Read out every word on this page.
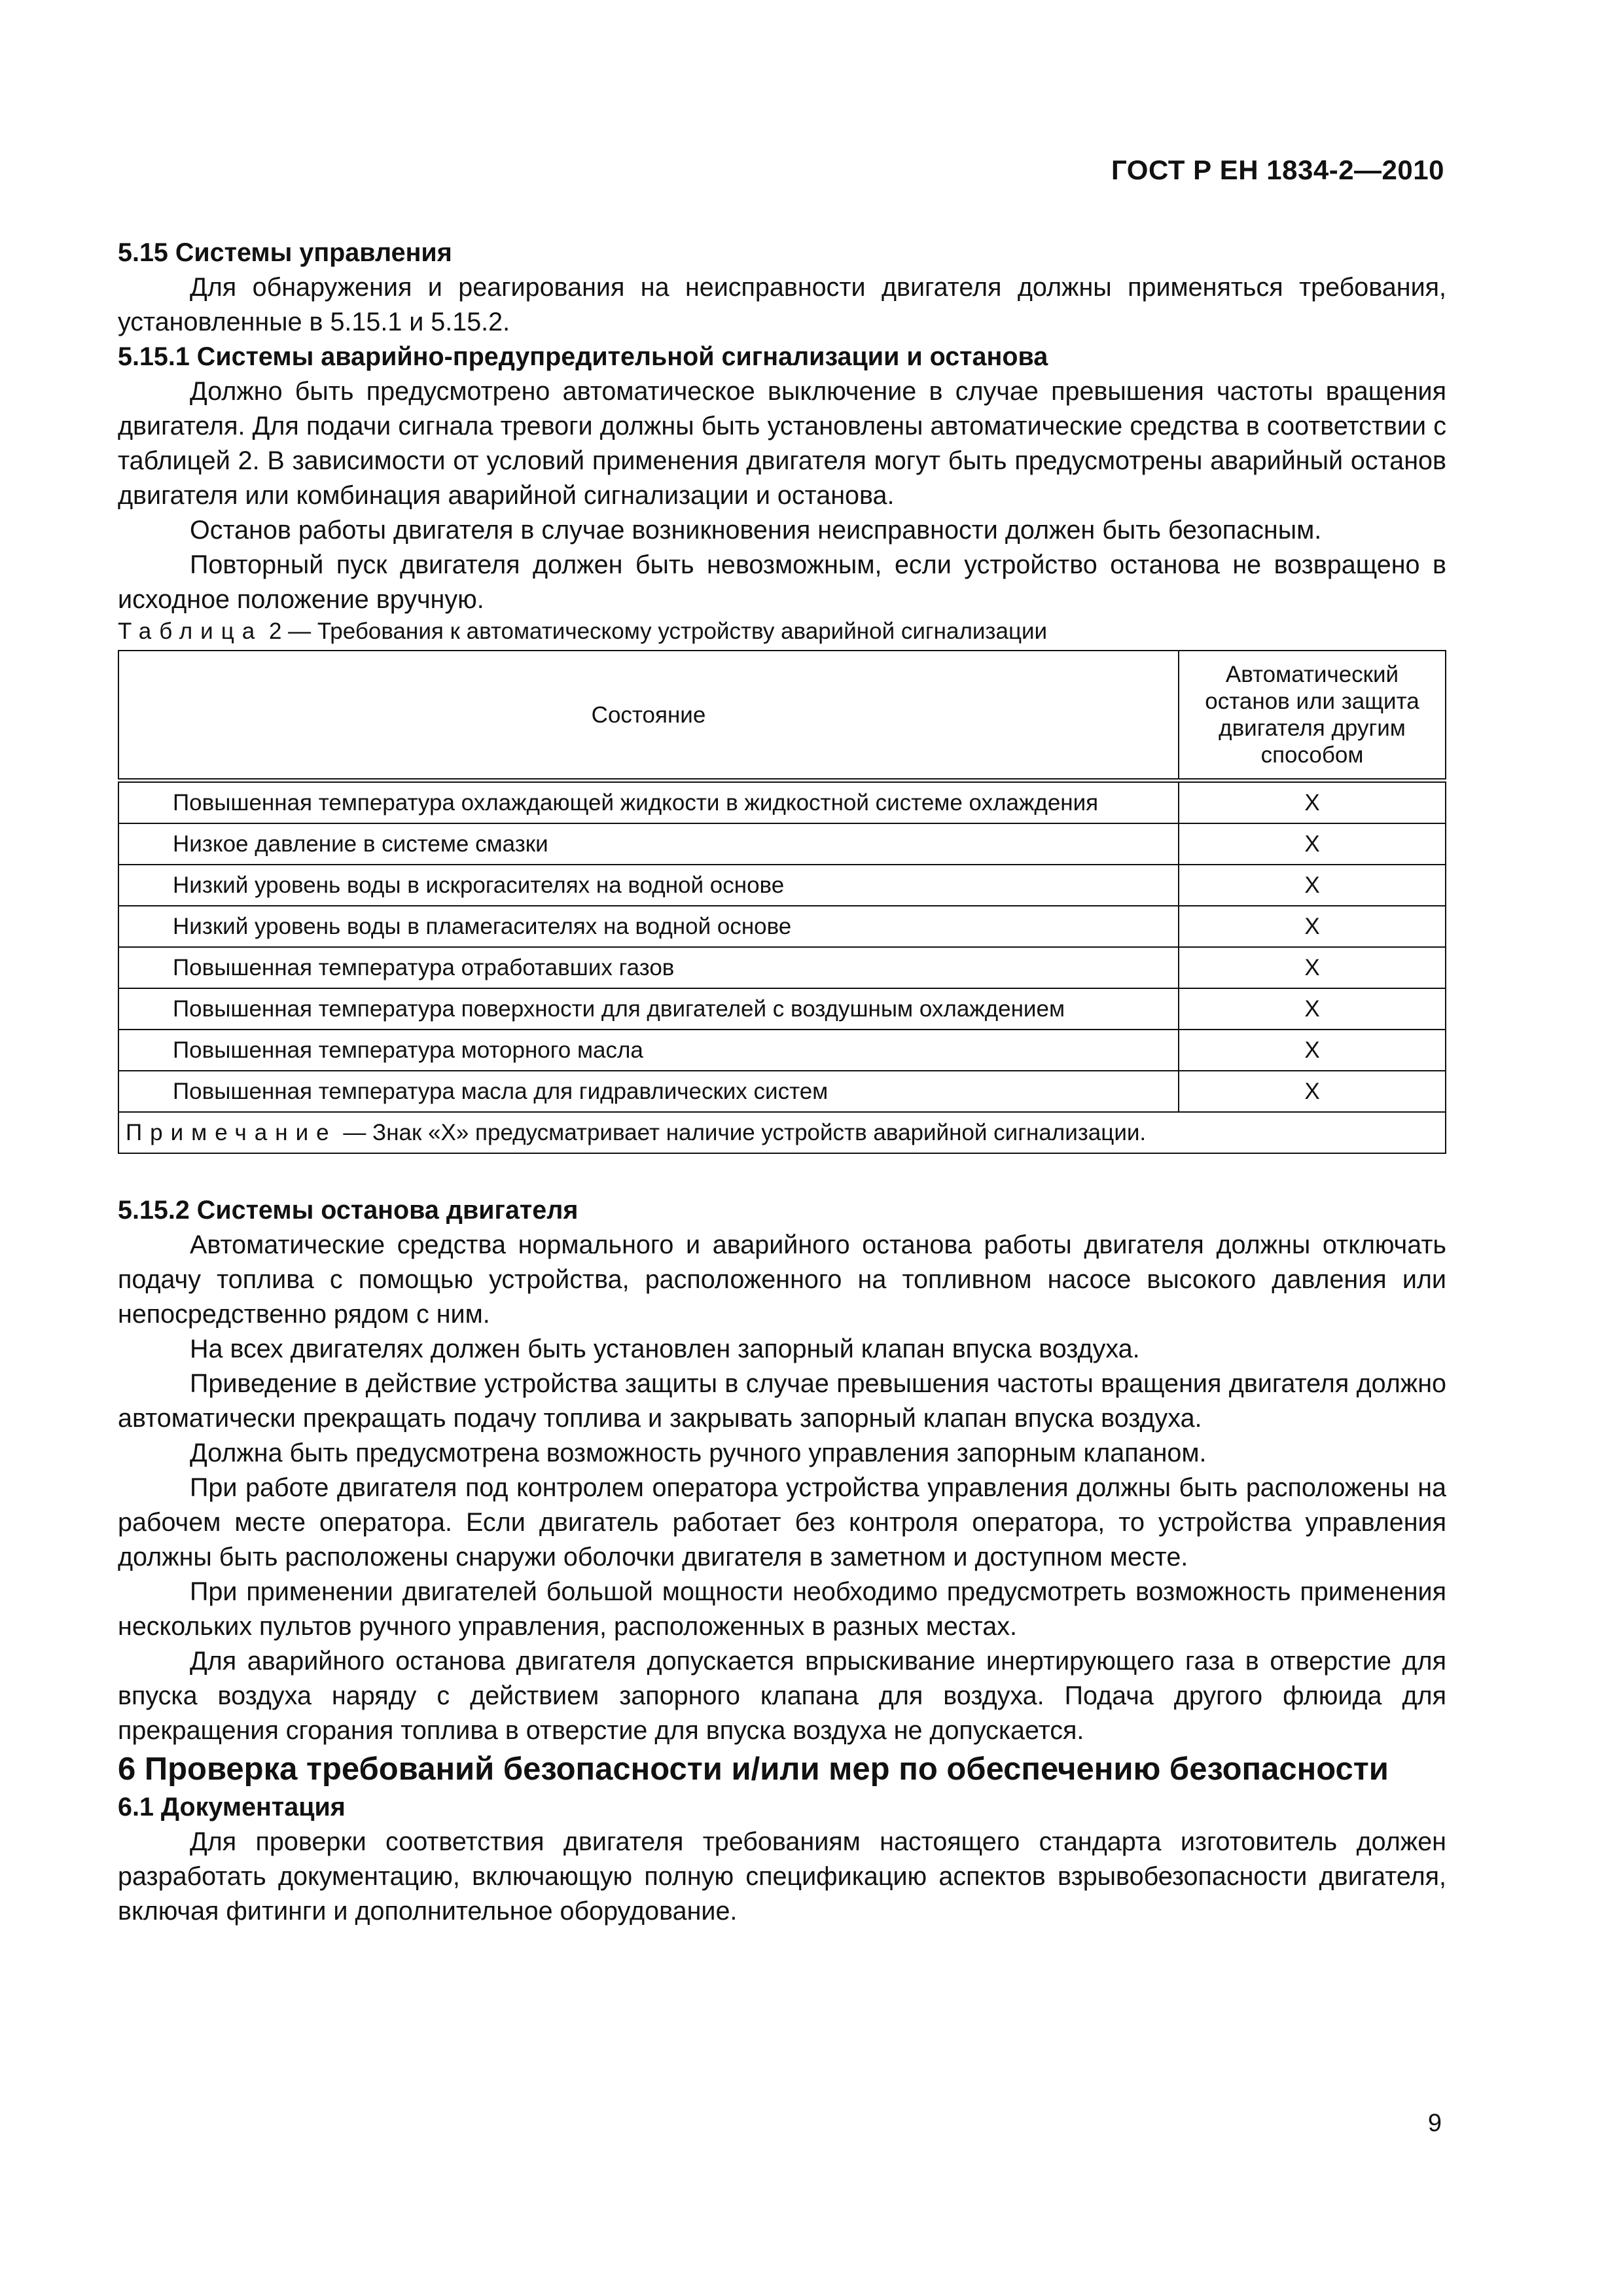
ГОСТ Р ЕН 1834-2—2010

5.15 Системы управления

Для обнаружения и реагирования на неисправности двигателя должны применяться требования, установленные в 5.15.1 и 5.15.2.

5.15.1 Системы аварийно-предупредительной сигнализации и останова

Должно быть предусмотрено автоматическое выключение в случае превышения частоты вращения двигателя. Для подачи сигнала тревоги должны быть установлены автоматические средства в соответствии с таблицей 2. В зависимости от условий применения двигателя могут быть предусмотрены аварийный останов двигателя или комбинация аварийной сигнализации и останова.

Останов работы двигателя в случае возникновения неисправности должен быть безопасным.

Повторный пуск двигателя должен быть невозможным, если устройство останова не возвращено в исходное положение вручную.

Таблица 2 — Требования к автоматическому устройству аварийной сигнализации

Состояние	Автоматический останов или защита двигателя другим способом
Повышенная температура охлаждающей жидкости в жидкостной системе охлаждения	X
Низкое давление в системе смазки	X
Низкий уровень воды в искрогасителях на водной основе	X
Низкий уровень воды в пламегасителях на водной основе	X
Повышенная температура отработавших газов	X
Повышенная температура поверхности для двигателей с воздушным охлаждением	X
Повышенная температура моторного масла	X
Повышенная температура масла для гидравлических систем	X
Примечание — Знак «X» предусматривает наличие устройств аварийной сигнализации.	

5.15.2 Системы останова двигателя

Автоматические средства нормального и аварийного останова работы двигателя должны отключать подачу топлива с помощью устройства, расположенного на топливном насосе высокого давления или непосредственно рядом с ним.

На всех двигателях должен быть установлен запорный клапан впуска воздуха.

Приведение в действие устройства защиты в случае превышения частоты вращения двигателя должно автоматически прекращать подачу топлива и закрывать запорный клапан впуска воздуха.

Должна быть предусмотрена возможность ручного управления запорным клапаном.

При работе двигателя под контролем оператора устройства управления должны быть расположены на рабочем месте оператора. Если двигатель работает без контроля оператора, то устройства управления должны быть расположены снаружи оболочки двигателя в заметном и доступном месте.

При применении двигателей большой мощности необходимо предусмотреть возможность применения нескольких пультов ручного управления, расположенных в разных местах.

Для аварийного останова двигателя допускается впрыскивание инертирующего газа в отверстие для впуска воздуха наряду с действием запорного клапана для воздуха. Подача другого флюида для прекращения сгорания топлива в отверстие для впуска воздуха не допускается.

6 Проверка требований безопасности и/или мер по обеспечению безопасности

6.1 Документация

Для проверки соответствия двигателя требованиям настоящего стандарта изготовитель должен разработать документацию, включающую полную спецификацию аспектов взрывобезопасности двигателя, включая фитинги и дополнительное оборудование.

9
